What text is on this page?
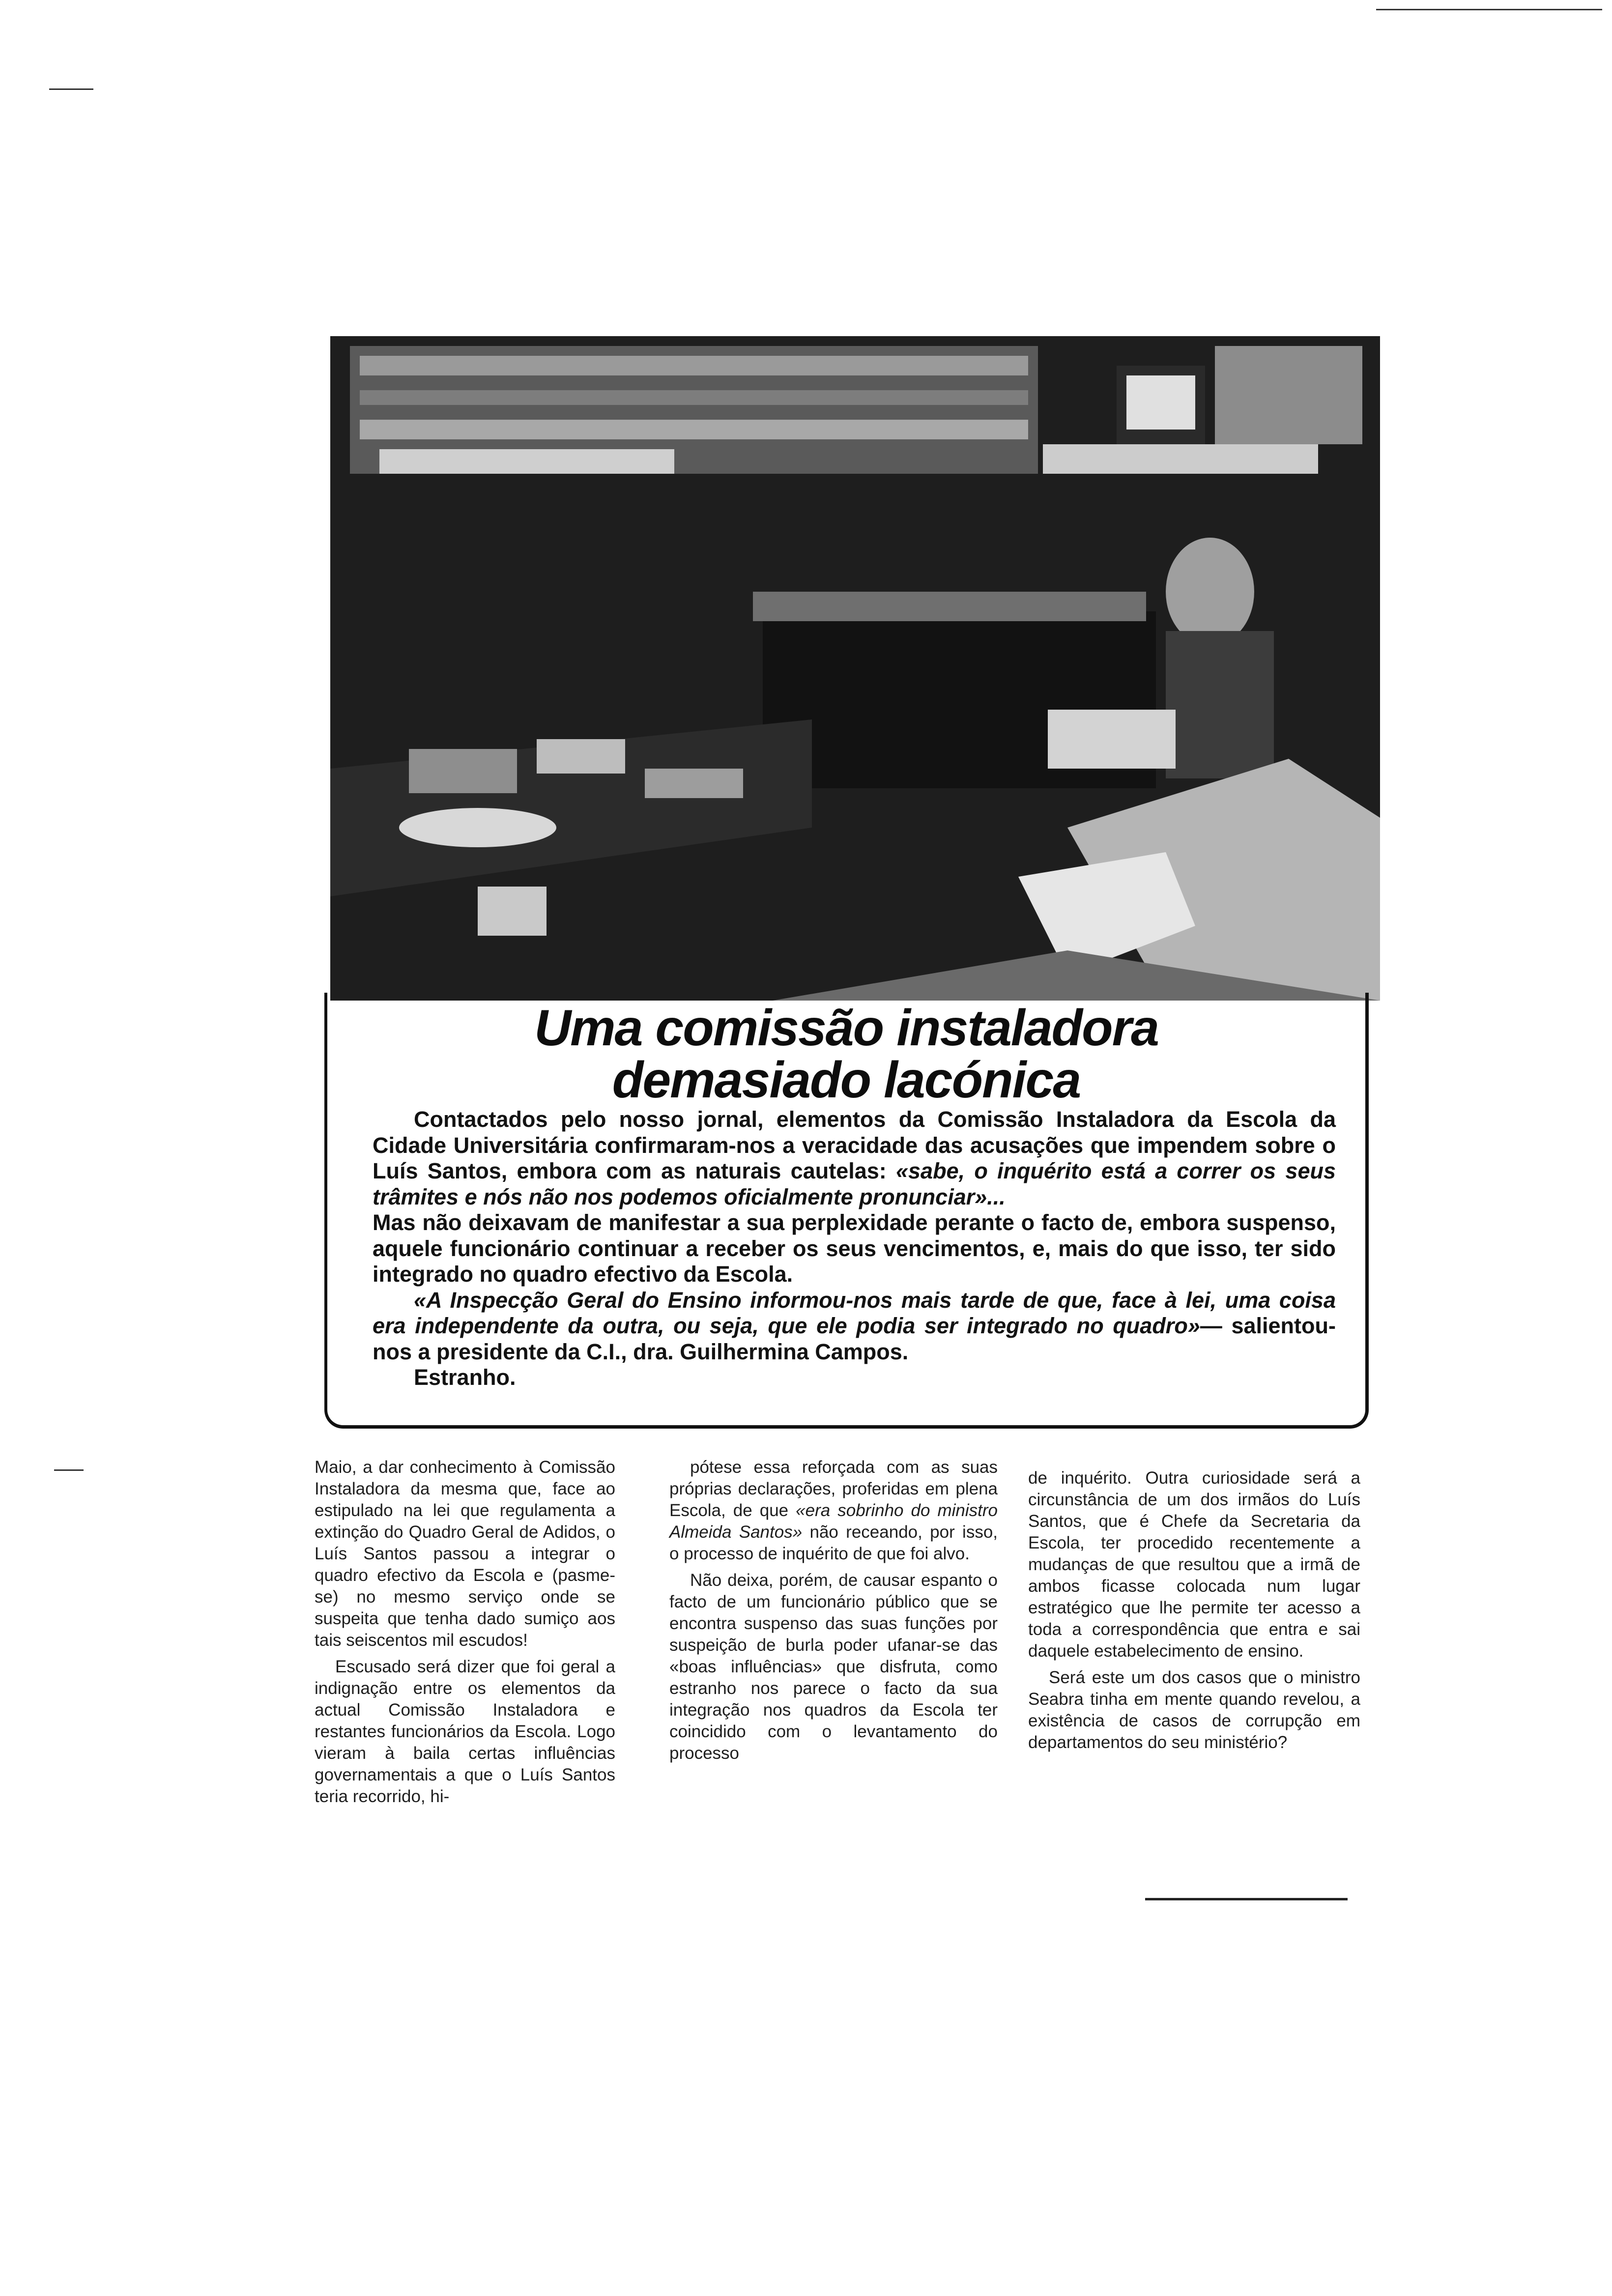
Uma comissão instaladora
demasiado lacónica

Contactados pelo nosso jornal, elementos da Comissão Instaladora da Escola da Cidade Universitária confirmaram-nos a veracidade das acusações que impendem sobre o Luís Santos, embora com as naturais cautelas: «sabe, o inquérito está a correr os seus trâmites e nós não nos podemos oficialmente pronunciar»...

Mas não deixavam de manifestar a sua perplexidade perante o facto de, embora suspenso, aquele funcionário continuar a receber os seus vencimentos, e, mais do que isso, ter sido integrado no quadro efectivo da Escola.

«A Inspecção Geral do Ensino informou-nos mais tarde de que, face à lei, uma coisa era independente da outra, ou seja, que ele podia ser integrado no quadro»— salientou-nos a presidente da C.I., dra. Guilhermina Campos.

Estranho.

Maio, a dar conhecimento à Comissão Instaladora da mesma que, face ao estipulado na lei que regulamenta a extinção do Quadro Geral de Adidos, o Luís Santos passou a integrar o quadro efectivo da Escola e (pasme-se) no mesmo serviço onde se suspeita que tenha dado sumiço aos tais seiscentos mil escudos!

Escusado será dizer que foi geral a indignação entre os elementos da actual Comissão Instaladora e restantes funcionários da Escola. Logo vieram à baila certas influências governamentais a que o Luís Santos teria recorrido, hi-

pótese essa reforçada com as suas próprias declarações, proferidas em plena Escola, de que «era sobrinho do ministro Almeida Santos» não receando, por isso, o processo de inquérito de que foi alvo.

Não deixa, porém, de causar espanto o facto de um funcionário público que se encontra suspenso das suas funções por suspeição de burla poder ufanar-se das «boas influências» que disfruta, como estranho nos parece o facto da sua integração nos quadros da Escola ter coincidido com o levantamento do processo

de inquérito. Outra curiosidade será a circunstância de um dos irmãos do Luís Santos, que é Chefe da Secretaria da Escola, ter procedido recentemente a mudanças de que resultou que a irmã de ambos ficasse colocada num lugar estratégico que lhe permite ter acesso a toda a correspondência que entra e sai daquele estabelecimento de ensino.

Será este um dos casos que o ministro Seabra tinha em mente quando revelou, a existência de casos de corrupção em departamentos do seu ministério?
